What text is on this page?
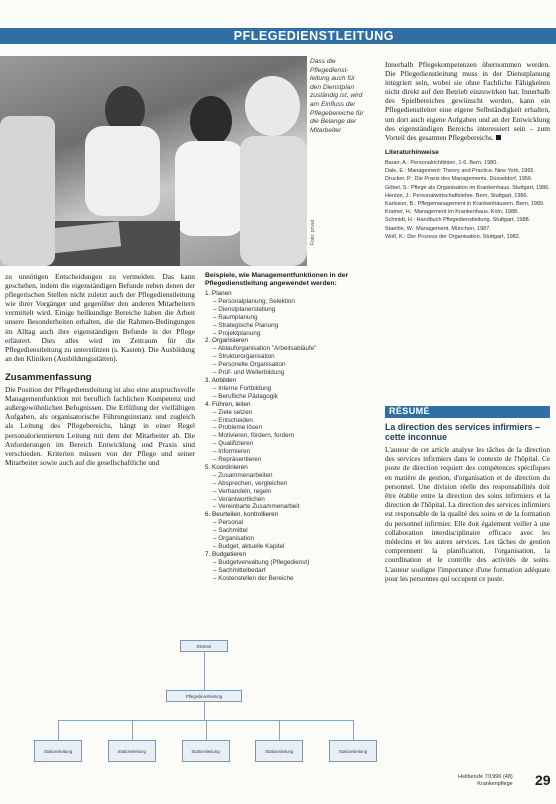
PFLEGEDIENSTLEITUNG
Foto: privat
Dass die Pflegedienst-leitung auch für den Dienstplan zuständig ist, wird am Einfluss der Pflegebereiche für die Belange der Mitarbeiter

zu unnötigen Entscheidungen zu vermeiden. Das kann geschehen, indem die eigenständigen Befunde neben denen der pflegerischen Stellen nicht zuletzt auch der Pflegedienstleitung wie ihrer Vorgänger und gegenüber den anderen Mitarbeitern vermittelt wird. Einige heilkundige Bereiche haben die Arbeit unsere Besonderheiten erhalten, die die Rahmen-Bedingungen im Alltag auch ihre eigenständigen Befunde in der Pflege erläutert. Dies alles wird im Zeitraum für die Pflegedienstleitung zu unterstützen (s. Kasten). Die Ausbildung an den Kliniken (Ausbildungsstätten).

Zusammenfassung

Die Position der Pflegedienstleitung ist also eine anspruchsvolle Managementfunktion mit beruflich fachlichen Kompetenz und außergewöhnlichen Befugnissen. Die Erfüllung der vielfältigen Aufgaben, als organisatorische Führungsinstanz und zugleich als Leitung des Pflegebereichs, hängt in einer Regel personalorientierten Leitung mit dem der Mitarbeiter ab. Die Anforderungen im Bereich Entwicklung und Praxis sind verschieden. Kriterien müssen von der Pflege und seiner Mitarbeiter sowie auch auf die gesellschaftliche und

Beispiele, wie Managementfunktionen in der Pflegedienstleitung angewendet werden:
1. Planen
– Personalplanung, Selektion
– Dienstplanerstellung
– Raumplanung
– Strategische Planung
– Projektplanung
2. Organisieren
– Ablauforganisation "Arbeitsabläufe"
– Strukturorganisation
– Personelle Organisation
– Prüf- und Weiterbildung
3. Anbilden
– Interne Fortbildung
– Berufliche Pädagogik
4. Führen, leiten
– Ziele setzen
– Entscheiden
– Probleme lösen
– Motivieren, fördern, fordern
– Qualifizieren
– Informieren
– Repräsentieren
5. Koordinieren
– Zusammenarbeiten
– Absprechen, vergleichen
– Verhandeln, regeln
– Verantwortlichen
– Vereinbarte Zusammenarbeit
6. Beurteilen, kontrollieren
– Personal
– Sachmittel
– Organisation
– Budget, aktuelle Kapitel
7. Budgetieren
– Budgetverwaltung (Pflegedienst)
– Sachmittelbedarf
– Kostenstellen der Bereiche

Innerhalb Pflegekompetenzen übernommen werden. Die Pflegedienstleitung muss in der Dienstplanung integriert sein, wobei sie ohne Fachliche Fähigkeiten nicht direkt auf den Betrieb einzuwirken hat. Innerhalb des Spielbereiches gewünscht werden, kann ein Pflegedienstleiter eine eigene Selbständigkeit erhalten, um dort auch eigene Aufgaben und an der Entwicklung des eigenständigen Bereichs interessiert sein – zum Vorteil des gesamten Pflegebereichs.

Literaturhinweise
Bauer, A.: Personalrichtlinien, 1-6. Bern, 1980.
Dale, E.: Management: Theory and Practice. New York, 1965.
Drucker, P.: Die Praxis des Managements, Düsseldorf, 1956.
Göbel, S.: Pflege als Organisation im Krankenhaus. Stuttgart, 1986.
Hentze, J.: Personalwirtschaftslehre. Bern, Stuttgart, 1986.
Karlsson, B.: Pflegemanagement in Krankenhäusern. Bern, 1989.
Kramer, H.: Management im Krankenhaus. Köln, 1988.
Schmidt, H.: Handbuch Pflegedienstleitung. Stuttgart, 1988.
Staehle, W.: Management. München, 1987.
Wolf, K.: Der Prozess der Organisation. Stuttgart, 1982.
RÉSUMÉ
La direction des services infirmiers – cette inconnue
L'auteur de cet article analyse les tâches de la direction des services infirmiers dans le contexte de l'hôpital. Ce poste de direction requiert des compétences spécifiques en matière de gestion, d'organisation et de direction du personnel. Une division réelle des responsabilités doit être établie entre la direction des soins infirmiers et la direction de l'hôpital. La direction des services infirmiers est responsable de la qualité des soins et de la formation du personnel infirmier. Elle doit également veiller à une collaboration interdisciplinaire efficace avec les médecins et les autres services. Les tâches de gestion comprennent la planification, l'organisation, la coordination et le contrôle des activités de soins. L'auteur souligne l'importance d'une formation adéquate pour les personnes qui occupent ce poste.
Direktor
Pflegedienstleitung
Stationsleitung	Stationsleitung	Stationsleitung	Stationsleitung	Stationsleitung
Heilberufe 7/1996 (48)
Krankenpflege 29
